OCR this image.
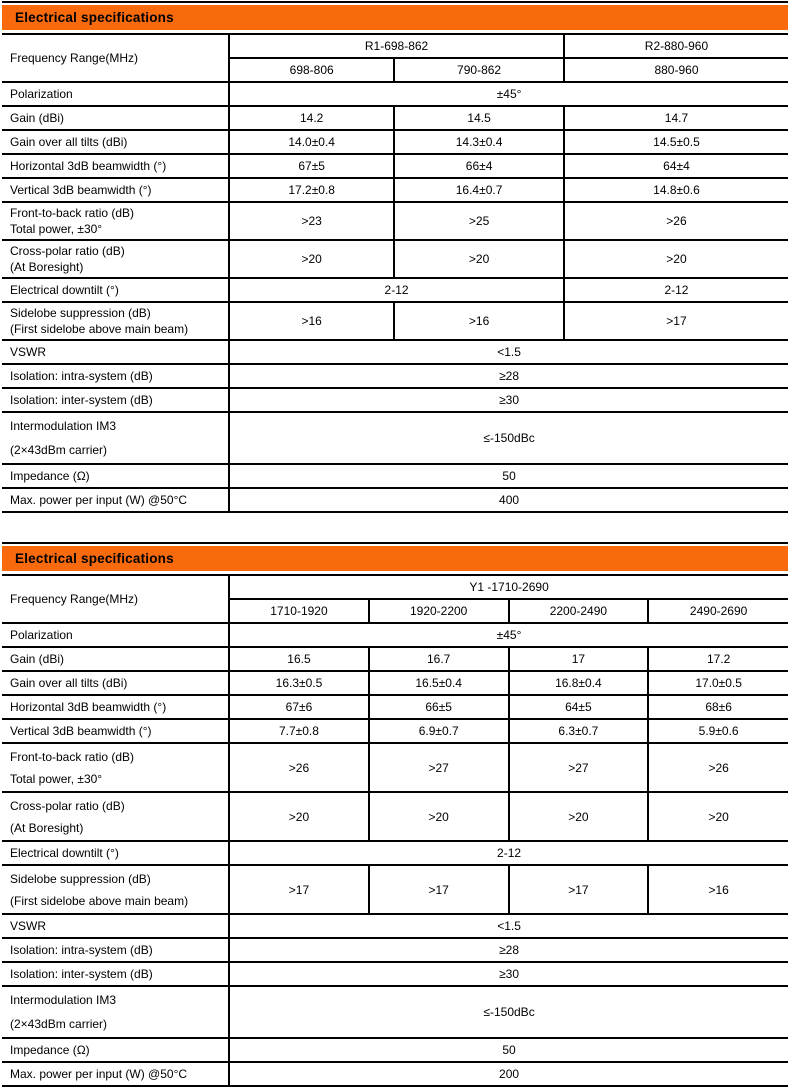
Electrical specifications
Frequency Range(MHz)	R1-698-862		R2-880-960
	698-806	790-862	880-960
Polarization	±45°		
Gain (dBi)	14.2	14.5	14.7
Gain over all tilts (dBi)	14.0±0.4	14.3±0.4	14.5±0.5
Horizontal 3dB beamwidth (°)	67±5	66±4	64±4
Vertical 3dB beamwidth (°)	17.2±0.8	16.4±0.7	14.8±0.6

Front-to-back ratio (dB)
Total power, ±30°	>23	>25	>26

Cross-polar ratio (dB)
(At Boresight)	>20	>20	>20
Electrical downtilt (°)	2-12		2-12

Sidelobe suppression (dB)
(First sidelobe above main beam)	>16	>16	>17
VSWR	<1.5		
Isolation: intra-system (dB)	≥28		
Isolation: inter-system (dB)	≥30		

Intermodulation IM3
(2×43dBm carrier)	≤-150dBc		
Impedance (Ω)	50		
Max. power per input (W) @50°C	400		
Electrical specifications
Frequency Range(MHz)	Y1 -1710-2690			
	1710-1920	1920-2200	2200-2490	2490-2690
Polarization	±45°			
Gain (dBi)	16.5	16.7	17	17.2
Gain over all tilts (dBi)	16.3±0.5	16.5±0.4	16.8±0.4	17.0±0.5
Horizontal 3dB beamwidth (°)	67±6	66±5	64±5	68±6
Vertical 3dB beamwidth (°)	7.7±0.8	6.9±0.7	6.3±0.7	5.9±0.6

Front-to-back ratio (dB)
Total power, ±30°	>26	>27	>27	>26

Cross-polar ratio (dB)
(At Boresight)	>20	>20	>20	>20
Electrical downtilt (°)	2-12			

Sidelobe suppression (dB)
(First sidelobe above main beam)	>17	>17	>17	>16
VSWR	<1.5			
Isolation: intra-system (dB)	≥28			
Isolation: inter-system (dB)	≥30			

Intermodulation IM3
(2×43dBm carrier)	≤-150dBc			
Impedance (Ω)	50			
Max. power per input (W) @50°C	200			
